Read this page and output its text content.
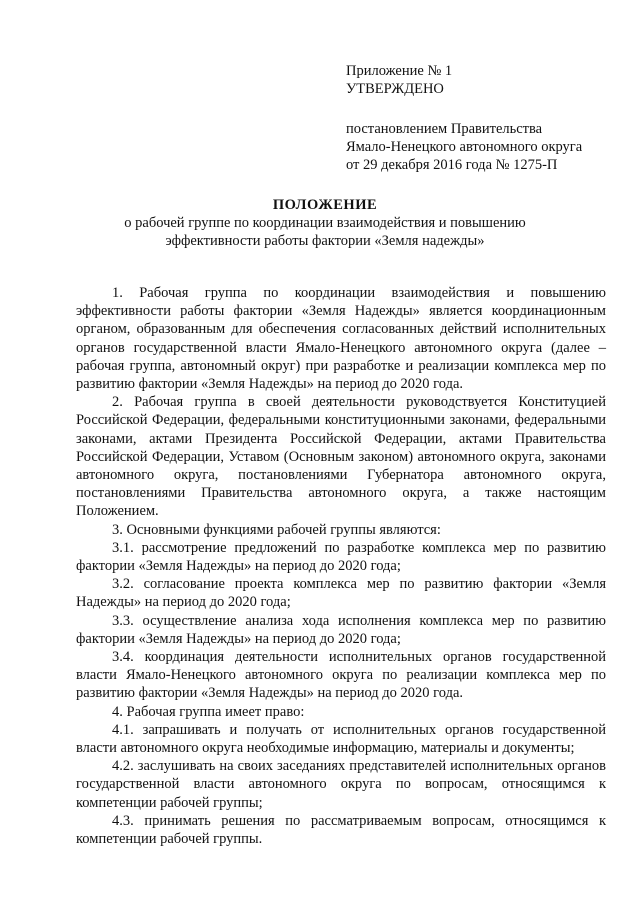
Приложение № 1
УТВЕРЖДЕНО
постановлением Правительства
Ямало-Ненецкого автономного округа
от 29 декабря 2016 года № 1275-П
ПОЛОЖЕНИЕ
о рабочей группе по координации взаимодействия и повышению
эффективности работы фактории «Земля надежды»

1. Рабочая группа по координации взаимодействия и повышению эффективности работы фактории «Земля Надежды» является координационным органом, образованным для обеспечения согласованных действий исполнительных органов государственной власти Ямало-Ненецкого автономного округа (далее – рабочая группа, автономный округ) при разработке и реализации комплекса мер по развитию фактории «Земля Надежды» на период до 2020 года.

2. Рабочая группа в своей деятельности руководствуется Конституцией Российской Федерации, федеральными конституционными законами, федеральными законами, актами Президента Российской Федерации, актами Правительства Российской Федерации, Уставом (Основным законом) автономного округа, законами автономного округа, постановлениями Губернатора автономного округа, постановлениями Правительства автономного округа, а также настоящим Положением.

3. Основными функциями рабочей группы являются:

3.1. рассмотрение предложений по разработке комплекса мер по развитию фактории «Земля Надежды» на период до 2020 года;

3.2. согласование проекта комплекса мер по развитию фактории «Земля Надежды» на период до 2020 года;

3.3. осуществление анализа хода исполнения комплекса мер по развитию фактории «Земля Надежды» на период до 2020 года;

3.4. координация деятельности исполнительных органов государственной власти Ямало-Ненецкого автономного округа по реализации комплекса мер по развитию фактории «Земля Надежды» на период до 2020 года.

4. Рабочая группа имеет право:

4.1. запрашивать и получать от исполнительных органов государственной власти автономного округа необходимые информацию, материалы и документы;

4.2. заслушивать на своих заседаниях представителей исполнительных органов государственной власти автономного округа по вопросам, относящимся к компетенции рабочей группы;

4.3. принимать решения по рассматриваемым вопросам, относящимся к компетенции рабочей группы.
